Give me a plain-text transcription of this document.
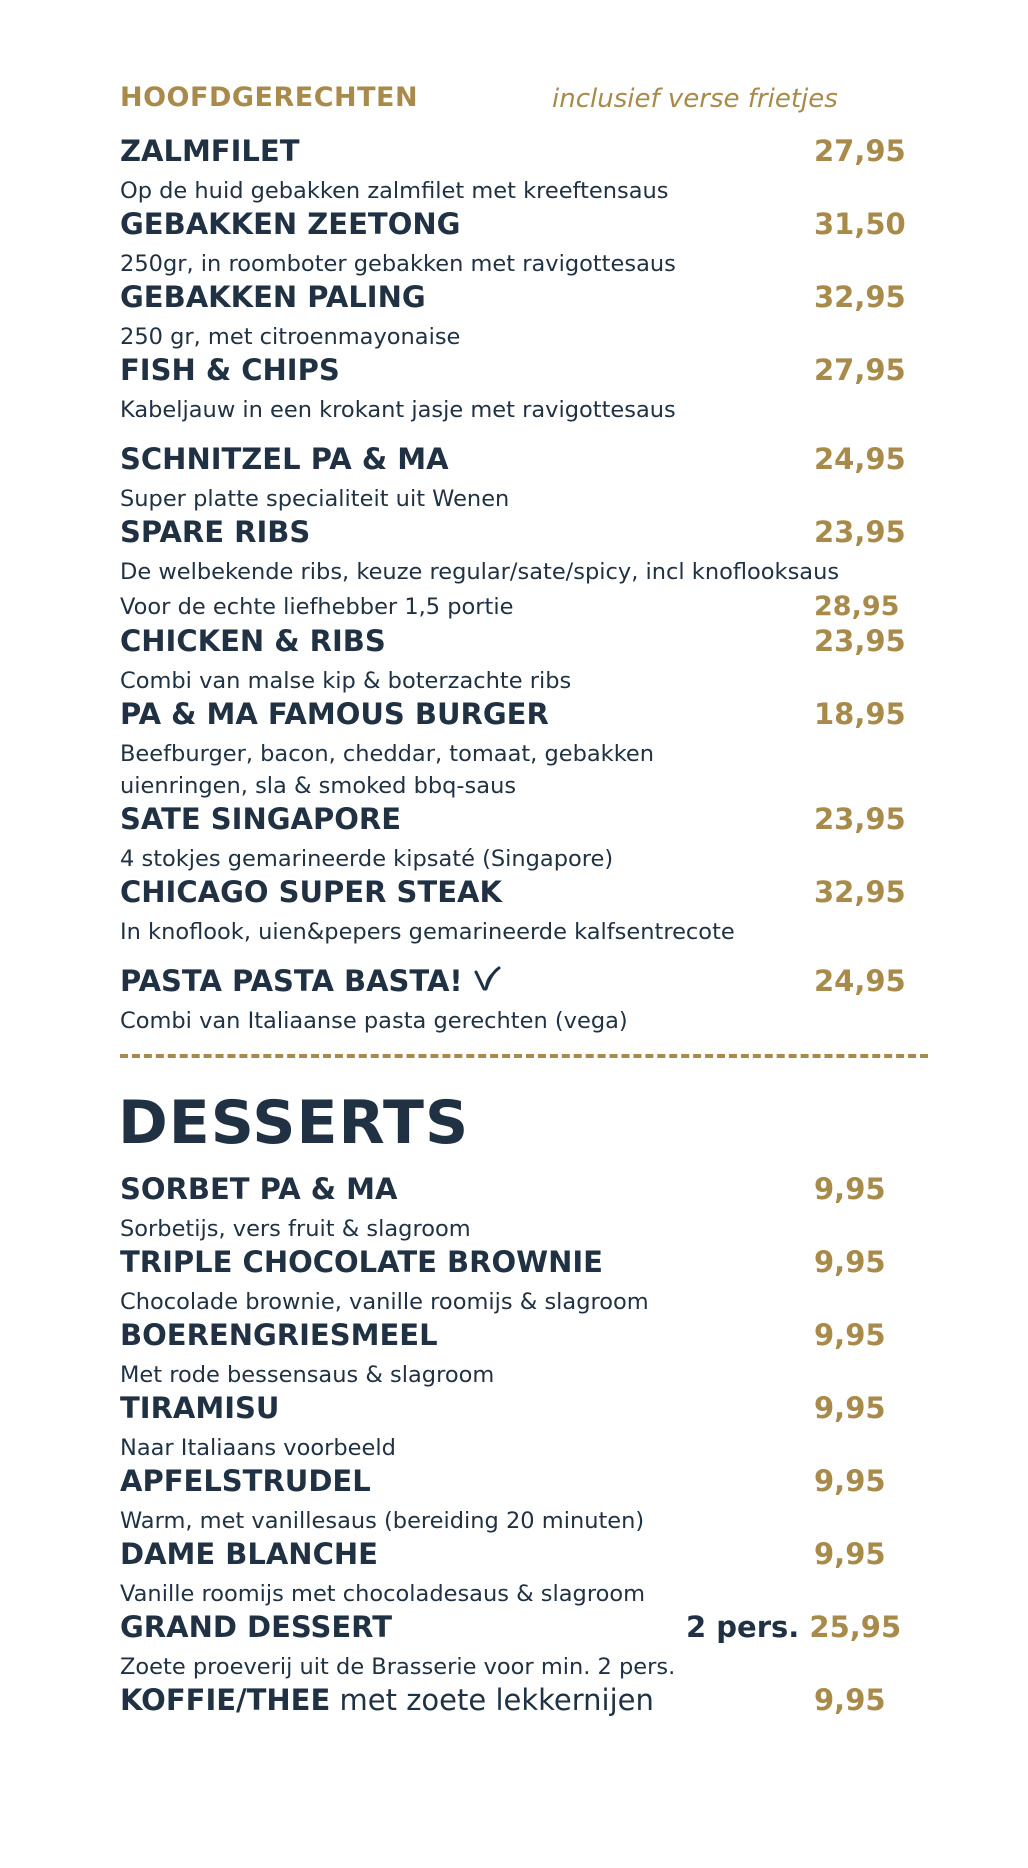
HOOFDGERECHTEN	inclusief verse frietjes
ZALMFILET	27,95
Op de huid gebakken zalmfilet met kreeftensaus
GEBAKKEN ZEETONG	31,50
250gr, in roomboter gebakken met ravigottesaus
GEBAKKEN PALING	32,95
250 gr, met citroenmayonaise
FISH & CHIPS	27,95
Kabeljauw in een krokant jasje met ravigottesaus
SCHNITZEL PA & MA	24,95
Super platte specialiteit uit Wenen
SPARE RIBS	23,95
De welbekende ribs, keuze regular/sate/spicy, incl knoflooksaus
Voor de echte liefhebber 1,5 portie	28,95
CHICKEN & RIBS	23,95
Combi van malse kip & boterzachte ribs
PA & MA FAMOUS BURGER	18,95
Beefburger, bacon, cheddar, tomaat, gebakken
uienringen, sla & smoked bbq-saus
SATE SINGAPORE	23,95
4 stokjes gemarineerde kipsaté (Singapore)
CHICAGO SUPER STEAK	32,95
In knoflook, uien&pepers gemarineerde kalfsentrecote
PASTA PASTA BASTA!	24,95
Combi van Italiaanse pasta gerechten (vega)
DESSERTS
SORBET PA & MA	9,95
Sorbetijs, vers fruit & slagroom
TRIPLE CHOCOLATE BROWNIE	9,95
Chocolade brownie, vanille roomijs & slagroom
BOERENGRIESMEEL	9,95
Met rode bessensaus & slagroom
TIRAMISU	9,95
Naar Italiaans voorbeeld
APFELSTRUDEL	9,95
Warm, met vanillesaus (bereiding 20 minuten)
DAME BLANCHE	9,95
Vanille roomijs met chocoladesaus & slagroom
GRAND DESSERT	2 pers. 25,95
Zoete proeverij uit de Brasserie voor min. 2 pers.
KOFFIE/THEE met zoete lekkernijen	9,95
